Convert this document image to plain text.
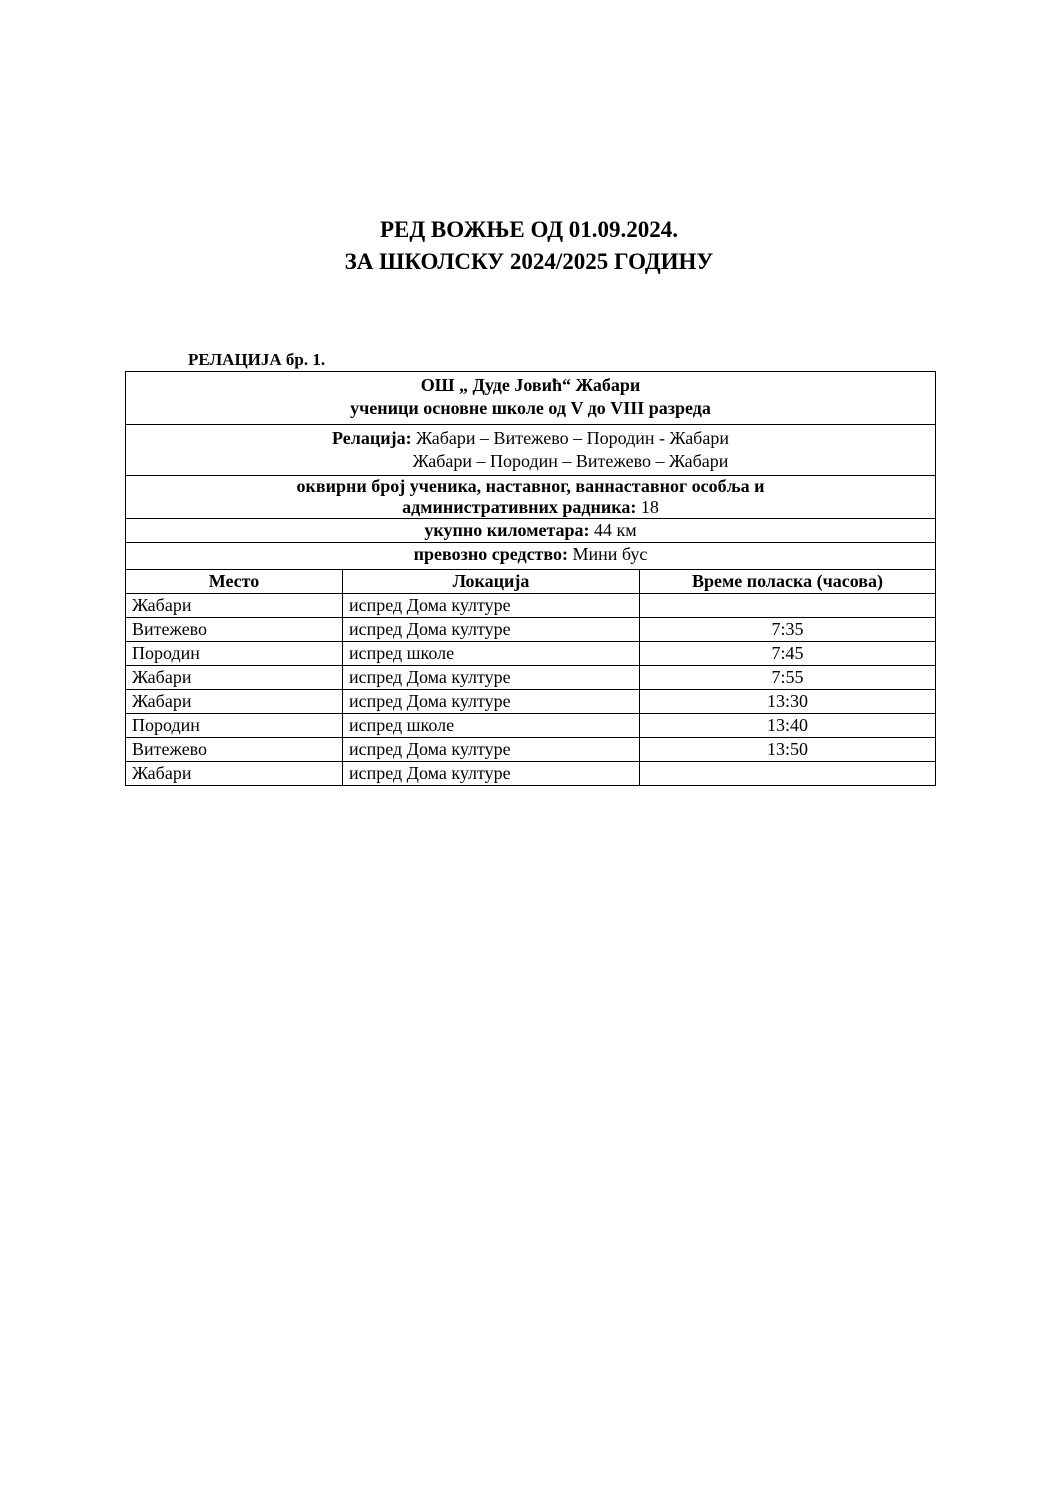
РЕД ВОЖЊЕ ОД 01.09.2024.
ЗА ШКОЛСКУ 2024/2025 ГОДИНУ
РЕЛАЦИЈА бр. 1.
ОШ „ Дуде Јовић“ Жабари
ученици основне школе од V до VIII разреда		

Релација: Жабари – Витежево – Породин - Жабари
Жабари – Породин – Витежево – Жабари		

оквирни број ученика, наставног, ваннаставног особља и
административних радника: 18		

укупно километара: 44 км		
превозно средство: Мини бус		
Место	Локација	Време поласка (часова)
Жабари	испред Дома културе	
Витежево	испред Дома културе	7:35
Породин	испред школе	7:45
Жабари	испред Дома културе	7:55
Жабари	испред Дома културе	13:30
Породин	испред школе	13:40
Витежево	испред Дома културе	13:50
Жабари	испред Дома културе	
